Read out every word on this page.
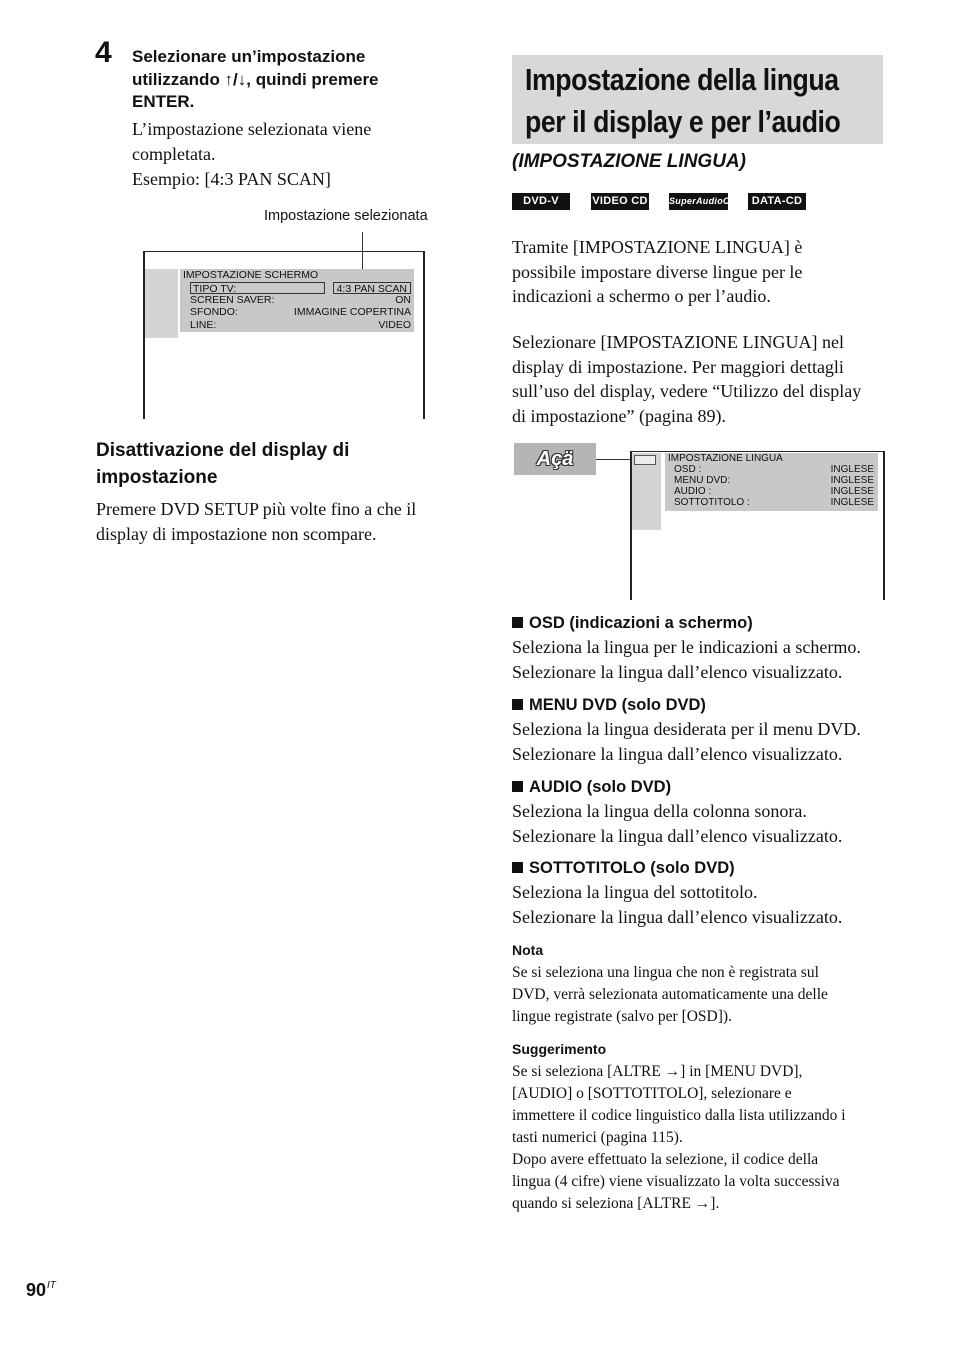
4 Selezionare un’impostazione
utilizzando ↑/↓, quindi premere
ENTER.
L’impostazione selezionata viene
completata.
Esempio: [4:3 PAN SCAN]
Impostazione selezionata
IMPOSTAZIONE SCHERMO
TIPO TV:	4:3 PAN SCAN
SCREEN SAVER:	ON
SFONDO:	IMMAGINE COPERTINA
LINE:	VIDEO
Disattivazione del display di
impostazione
Premere DVD SETUP più volte fino a che il
display di impostazione non scompare.
Impostazione della lingua
per il display e per l’audio
(IMPOSTAZIONE LINGUA)
DVD-V	VIDEO CD SuperAudioCD	DATA-CD
Tramite [IMPOSTAZIONE LINGUA] è
possibile impostare diverse lingue per le
indicazioni a schermo o per l’audio.
Selezionare [IMPOSTAZIONE LINGUA] nel
display di impostazione. Per maggiori dettagli
sull’uso del display, vedere “Utilizzo del display
di impostazione” (pagina 89).
Açä	IMPOSTAZIONE LINGUA
OSD :	INGLESE
MENU DVD:	INGLESE
AUDIO :	INGLESE
SOTTOTITOLO :	INGLESE
OSD (indicazioni a schermo)
Seleziona la lingua per le indicazioni a schermo.
Selezionare la lingua dall’elenco visualizzato.
MENU DVD (solo DVD)
Seleziona la lingua desiderata per il menu DVD.
Selezionare la lingua dall’elenco visualizzato.
AUDIO (solo DVD)
Seleziona la lingua della colonna sonora.
Selezionare la lingua dall’elenco visualizzato.
SOTTOTITOLO (solo DVD)
Seleziona la lingua del sottotitolo.
Selezionare la lingua dall’elenco visualizzato.
Nota
Se si seleziona una lingua che non è registrata sul
DVD, verrà selezionata automaticamente una delle
lingue registrate (salvo per [OSD]).
Suggerimento
Se si seleziona [ALTRE →] in [MENU DVD],
[AUDIO] o [SOTTOTITOLO], selezionare e
immettere il codice linguistico dalla lista utilizzando i
tasti numerici (pagina 115).
Dopo avere effettuato la selezione, il codice della
lingua (4 cifre) viene visualizzato la volta successiva
quando si seleziona [ALTRE →].
$90^{IT}$
